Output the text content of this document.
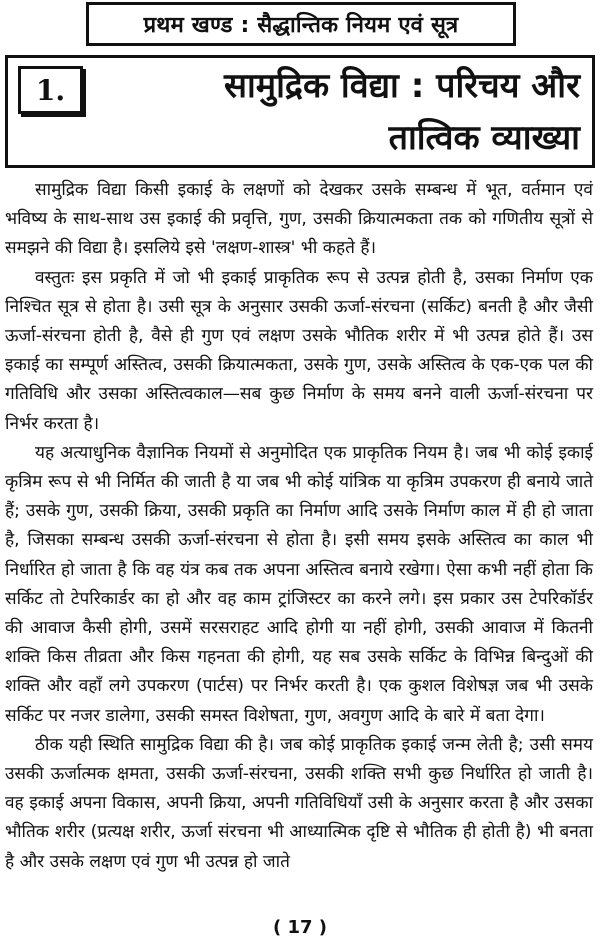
प्रथम खण्ड : सैद्धान्तिक नियम एवं सूत्र
1.	सामुद्रिक विद्या : परिचय और
तात्विक व्याख्या

सामुद्रिक विद्या किसी इकाई के लक्षणों को देखकर उसके सम्बन्ध में भूत, वर्तमान एवं भविष्य के साथ-साथ उस इकाई की प्रवृत्ति, गुण, उसकी क्रियात्मकता तक को गणितीय सूत्रों से समझने की विद्या है। इसलिये इसे 'लक्षण-शास्त्र' भी कहते हैं।

वस्तुतः इस प्रकृति में जो भी इकाई प्राकृतिक रूप से उत्पन्न होती है, उसका निर्माण एक निश्चित सूत्र से होता है। उसी सूत्र के अनुसार उसकी ऊर्जा-संरचना (सर्किट) बनती है और जैसी ऊर्जा-संरचना होती है, वैसे ही गुण एवं लक्षण उसके भौतिक शरीर में भी उत्पन्न होते हैं। उस इकाई का सम्पूर्ण अस्तित्व, उसकी क्रियात्मकता, उसके गुण, उसके अस्तित्व के एक-एक पल की गतिविधि और उसका अस्तित्वकाल—सब कुछ निर्माण के समय बनने वाली ऊर्जा-संरचना पर निर्भर करता है।

यह अत्याधुनिक वैज्ञानिक नियमों से अनुमोदित एक प्राकृतिक नियम है। जब भी कोई इकाई कृत्रिम रूप से भी निर्मित की जाती है या जब भी कोई यांत्रिक या कृत्रिम उपकरण ही बनाये जाते हैं; उसके गुण, उसकी क्रिया, उसकी प्रकृति का निर्माण आदि उसके निर्माण काल में ही हो जाता है, जिसका सम्बन्ध उसकी ऊर्जा-संरचना से होता है। इसी समय इसके अस्तित्व का काल भी निर्धारित हो जाता है कि वह यंत्र कब तक अपना अस्तित्व बनाये रखेगा। ऐसा कभी नहीं होता कि सर्किट तो टेपरिकार्डर का हो और वह काम ट्रांजिस्टर का करने लगे। इस प्रकार उस टेपरिकॉर्डर की आवाज कैसी होगी, उसमें सरसराहट आदि होगी या नहीं होगी, उसकी आवाज में कितनी शक्ति किस तीव्रता और किस गहनता की होगी, यह सब उसके सर्किट के विभिन्न बिन्दुओं की शक्ति और वहाँ लगे उपकरण (पार्टस) पर निर्भर करती है। एक कुशल विशेषज्ञ जब भी उसके सर्किट पर नजर डालेगा, उसकी समस्त विशेषता, गुण, अवगुण आदि के बारे में बता देगा।

ठीक यही स्थिति सामुद्रिक विद्या की है। जब कोई प्राकृतिक इकाई जन्म लेती है; उसी समय उसकी ऊर्जात्मक क्षमता, उसकी ऊर्जा-संरचना, उसकी शक्ति सभी कुछ निर्धारित हो जाती है। वह इकाई अपना विकास, अपनी क्रिया, अपनी गतिविधियाँ उसी के अनुसार करता है और उसका भौतिक शरीर (प्रत्यक्ष शरीर, ऊर्जा संरचना भी आध्यात्मिक दृष्टि से भौतिक ही होती है) भी बनता है और उसके लक्षण एवं गुण भी उत्पन्न हो जाते

( 17 )
